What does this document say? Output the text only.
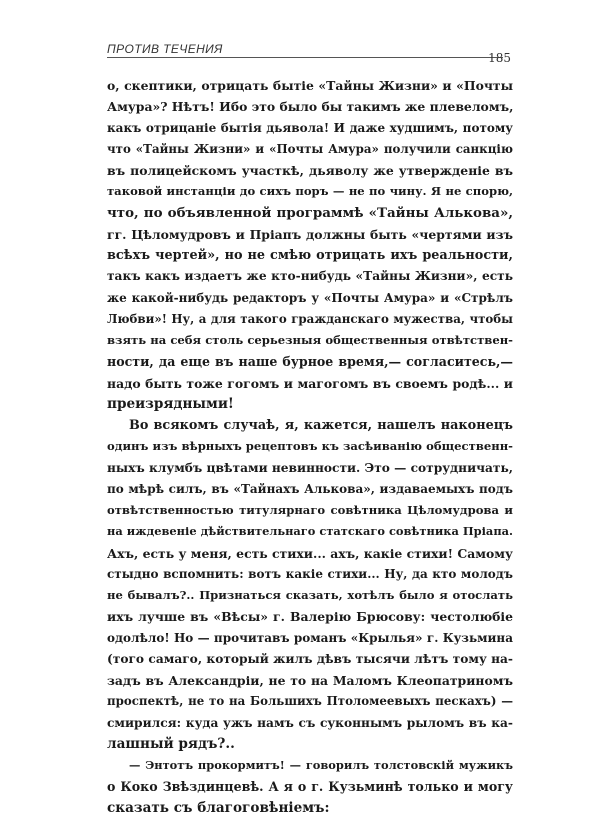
ПРОТИВ ТЕЧЕНИЯ
185
о, скептики, отрицать бытіе «Тайны Жизни» и «Почты
Амура»? Нѣтъ! Ибо это было бы такимъ же плевеломъ,
какъ отрицаніе бытія дьявола! И даже худшимъ, потому
что «Тайны Жизни» и «Почты Амура» получили санкцію
въ полицейскомъ участкѣ, дьяволу же утвержденіе въ
таковой инстанціи до сихъ поръ — не по чину. Я не спорю,
что, по объявленной программѣ «Тайны Алькова»,
гг. Цѣломудровъ и Пріапъ должны быть «чертями изъ
всѣхъ чертей», но не смѣю отрицать ихъ реальности,
такъ какъ издаетъ же кто-нибудь «Тайны Жизни», есть
же какой-нибудь редакторъ у «Почты Амура» и «Стрѣлъ
Любви»! Ну, а для такого гражданскаго мужества, чтобы
взять на себя столь серьезныя общественныя отвѣтствен-
ности, да еще въ наше бурное время,— согласитесь,—
надо быть тоже гогомъ и магогомъ въ своемъ родѣ... и
преизрядными!
Во всякомъ случаѣ, я, кажется, нашелъ наконецъ
одинъ изъ вѣрныхъ рецептовъ къ засѣиванію общественн-
ныхъ клумбъ цвѣтами невинности. Это — сотрудничать,
по мѣрѣ силъ, въ «Тайнахъ Алькова», издаваемыхъ подъ
отвѣтственностью титулярнаго совѣтника Цѣломудрова и
на иждевеніе дѣйствительнаго статскаго совѣтника Пріапа.
Ахъ, есть у меня, есть стихи... ахъ, какіе стихи! Самому
стыдно вспомнить: вотъ какіе стихи... Ну, да кто молодъ
не бывалъ?.. Признаться сказать, хотѣлъ было я отослать
ихъ лучше въ «Вѣсы» г. Валерію Брюсову: честолюбіе
одолѣло! Но — прочитавъ романъ «Крылья» г. Кузьмина
(того самаго, который жилъ дѣвъ тысячи лѣтъ тому на-
задъ въ Александріи, не то на Маломъ Клеопатриномъ
проспектѣ, не то на Большихъ Птоломеевыхъ пескахъ) —
смирился: куда ужъ намъ съ суконнымъ рыломъ въ ка-
лашный рядъ?..
— Энтотъ прокормитъ! — говорилъ толстовскій мужикъ
о Коко Звѣздинцевѣ. А я о г. Кузьминѣ только и могу
сказать съ благоговѣніемъ:
